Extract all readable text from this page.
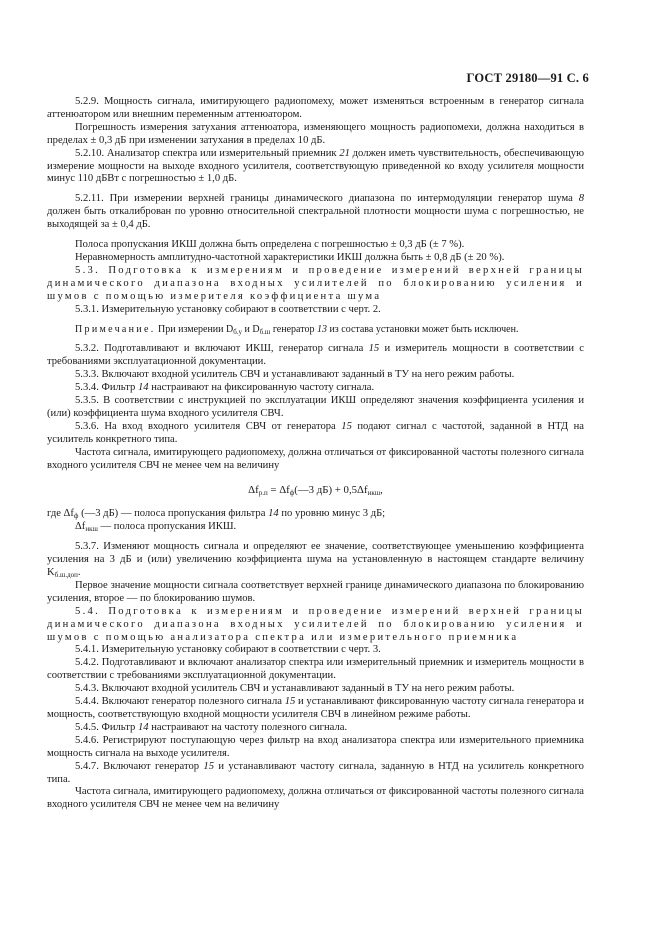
ГОСТ 29180—91 С. 6

5.2.9. Мощность сигнала, имитирующего радиопомеху, может изменяться встроенным в генератор сигнала аттенюатором или внешним переменным аттенюатором.

Погрешность измерения затухания аттенюатора, изменяющего мощность радиопомехи, должна находиться в пределах ± 0,3 дБ при изменении затухания в пределах 10 дБ.

5.2.10. Анализатор спектра или измерительный приемник 21 должен иметь чувствительность, обеспечивающую измерение мощности на выходе входного усилителя, соответствующую приведенной ко входу усилителя мощности минус 110 дБВт с погрешностью ± 1,0 дБ.

5.2.11. При измерении верхней границы динамического диапазона по интермодуляции генератор шума 8 должен быть откалиброван по уровню относительной спектральной плотности мощности шума с погрешностью, не выходящей за ± 0,4 дБ.

Полоса пропускания ИКШ должна быть определена с погрешностью ± 0,3 дБ (± 7 %).

Неравномерность амплитудно-частотной характеристики ИКШ должна быть ± 0,8 дБ (± 20 %).

5.3. Подготовка к измерениям и проведение измерений верхней границы динамического диапазона входных усилителей по блокированию усиления и шумов с помощью измерителя коэффициента шума

5.3.1. Измерительную установку собирают в соответствии с черт. 2.

Примечание. При измерении $D_{б.у}$ и $D_{б.ш}$ генератор 13 из состава установки может быть исключен.

5.3.2. Подготавливают и включают ИКШ, генератор сигнала 15 и измеритель мощности в соответствии с требованиями эксплуатационной документации.

5.3.3. Включают входной усилитель СВЧ и устанавливают заданный в ТУ на него режим работы.

5.3.4. Фильтр 14 настраивают на фиксированную частоту сигнала.

5.3.5. В соответствии с инструкцией по эксплуатации ИКШ определяют значения коэффициента усиления и (или) коэффициента шума входного усилителя СВЧ.

5.3.6. На вход входного усилителя СВЧ от генератора 15 подают сигнал с частотой, заданной в НТД на усилитель конкретного типа.

Частота сигнала, имитирующего радиопомеху, должна отличаться от фиксированной частоты полезного сигнала входного усилителя СВЧ не менее чем на величину

$\Delta f_{р.п}$ = $\Delta f_ф(—3$ $дБ) + 0,5\Delta f_{икш}$,

где $\Delta f_ф$ (—3 дБ) — полоса пропускания фильтра 14 по уровню минус 3 дБ;

$\Delta f_{икш}$ — полоса пропускания ИКШ.

5.3.7. Изменяют мощность сигнала и определяют ее значение, соответствующее уменьшению коэффициента усиления на 3 дБ и (или) увеличению коэффициента шума на установленную в настоящем стандарте величину $K_{б.ш.доп}$.

Первое значение мощности сигнала соответствует верхней границе динамического диапазона по блокированию усиления, второе — по блокированию шумов.

5.4. Подготовка к измерениям и проведение измерений верхней границы динамического диапазона входных усилителей по блокированию усиления и шумов с помощью анализатора спектра или измерительного приемника

5.4.1. Измерительную установку собирают в соответствии с черт. 3.

5.4.2. Подготавливают и включают анализатор спектра или измерительный приемник и измеритель мощности в соответствии с требованиями эксплуатационной документации.

5.4.3. Включают входной усилитель СВЧ и устанавливают заданный в ТУ на него режим работы.

5.4.4. Включают генератор полезного сигнала 15 и устанавливают фиксированную частоту сигнала генератора и мощность, соответствующую входной мощности усилителя СВЧ в линейном режиме работы.

5.4.5. Фильтр 14 настраивают на частоту полезного сигнала.

5.4.6. Регистрируют поступающую через фильтр на вход анализатора спектра или измерительного приемника мощность сигнала на выходе усилителя.

5.4.7. Включают генератор 15 и устанавливают частоту сигнала, заданную в НТД на усилитель конкретного типа.

Частота сигнала, имитирующего радиопомеху, должна отличаться от фиксированной частоты полезного сигнала входного усилителя СВЧ не менее чем на величину
